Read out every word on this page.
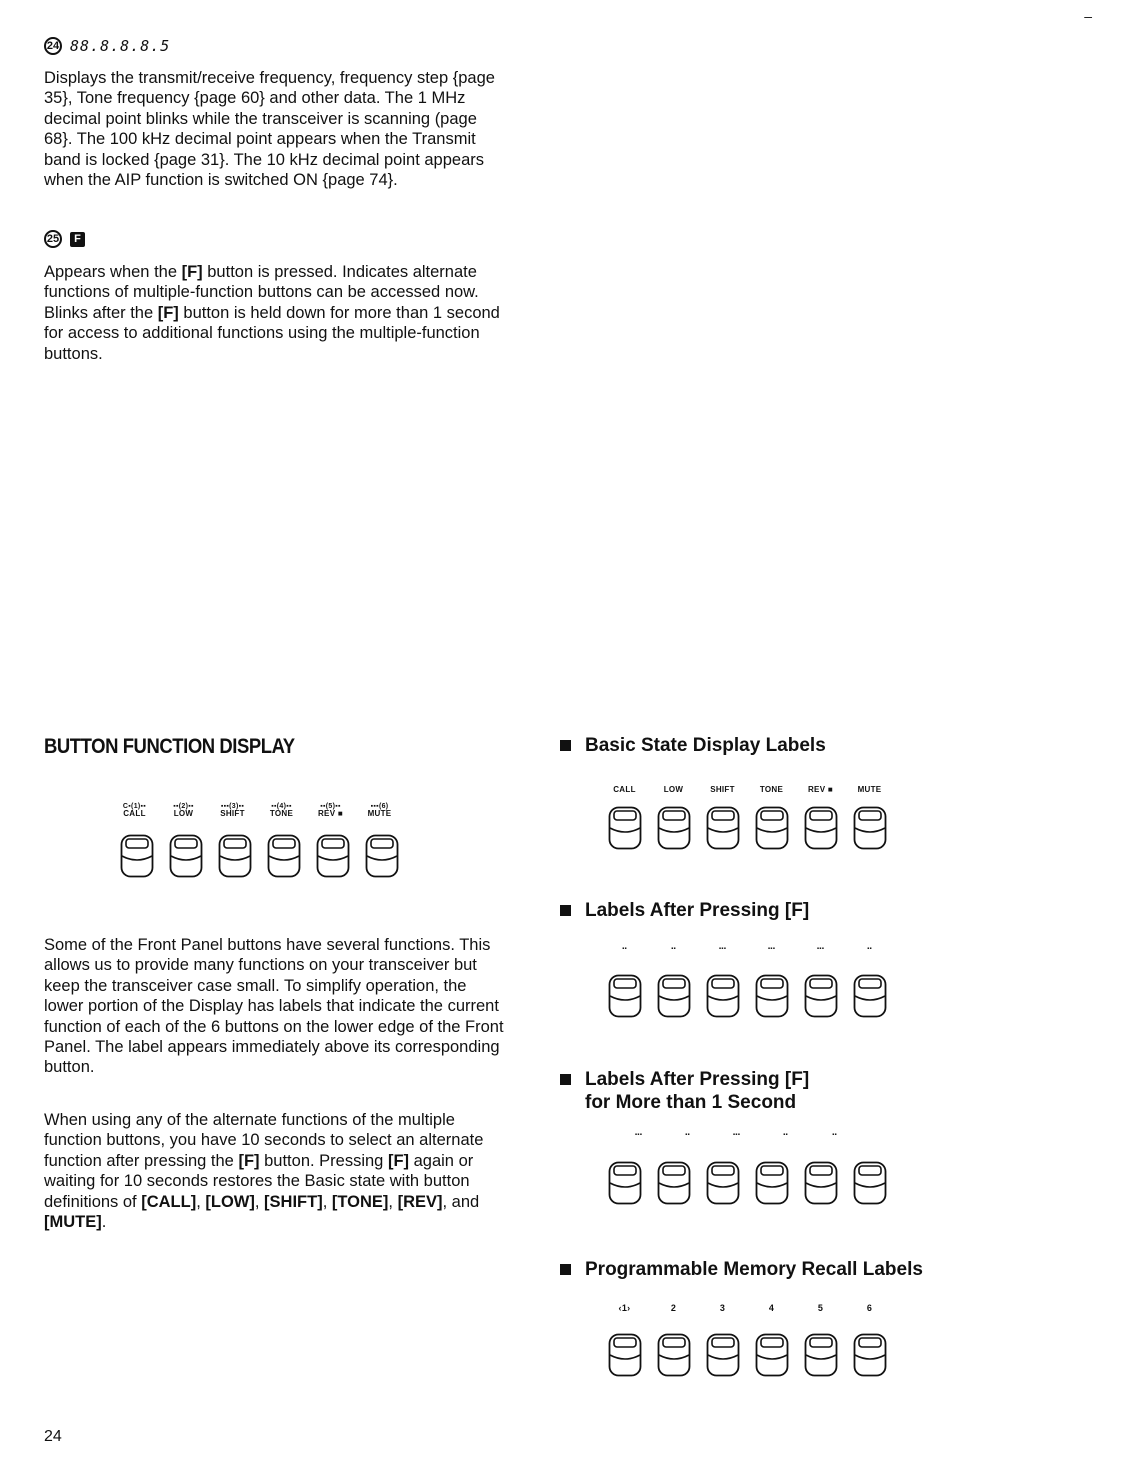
–
24 88.8.8.8.5
Displays the transmit/receive frequency, frequency step {page 35}, Tone frequency {page 60} and other data. The 1 MHz decimal point blinks while the transceiver is scanning (page 68}. The 100 kHz decimal point appears when the Transmit band is locked {page 31}. The 10 kHz decimal point appears when the AIP function is switched ON {page 74}.
25	F
Appears when the [F] button is pressed. Indicates alternate functions of multiple-function buttons can be accessed now. Blinks after the [F] button is held down for more than 1 second for access to additional functions using the multiple-function buttons.
BUTTON FUNCTION DISPLAY
C▪(1)▪▪	▪▪(2)▪▪	▪▪▪(3)▪▪	▪▪(4)▪▪	▪▪(5)▪▪	▪▪▪(6)
CALL	LOW	SHIFT	TONE	REV ■	MUTE
Some of the Front Panel buttons have several functions. This allows us to provide many functions on your transceiver but keep the transceiver case small. To simplify operation, the lower portion of the Display has labels that indicate the current function of each of the 6 buttons on the lower edge of the Front Panel. The label appears immediately above its corresponding button.
When using any of the alternate functions of the multiple function buttons, you have 10 seconds to select an alternate function after pressing the [F] button. Pressing [F] again or waiting for 10 seconds restores the Basic state with button definitions of [CALL], [LOW], [SHIFT], [TONE], [REV], and [MUTE].
Basic State Display Labels
CALL	LOW	SHIFT	TONE	REV ■	MUTE
Labels After Pressing [F]
▪▪	▪▪	▪▪▪	▪▪▪	▪▪▪	▪▪
Labels After Pressing [F]
for More than 1 Second
▪▪▪	▪▪	▪▪▪	▪▪	▪▪
Programmable Memory Recall Labels
‹1›	2	3	4	5	6
24
